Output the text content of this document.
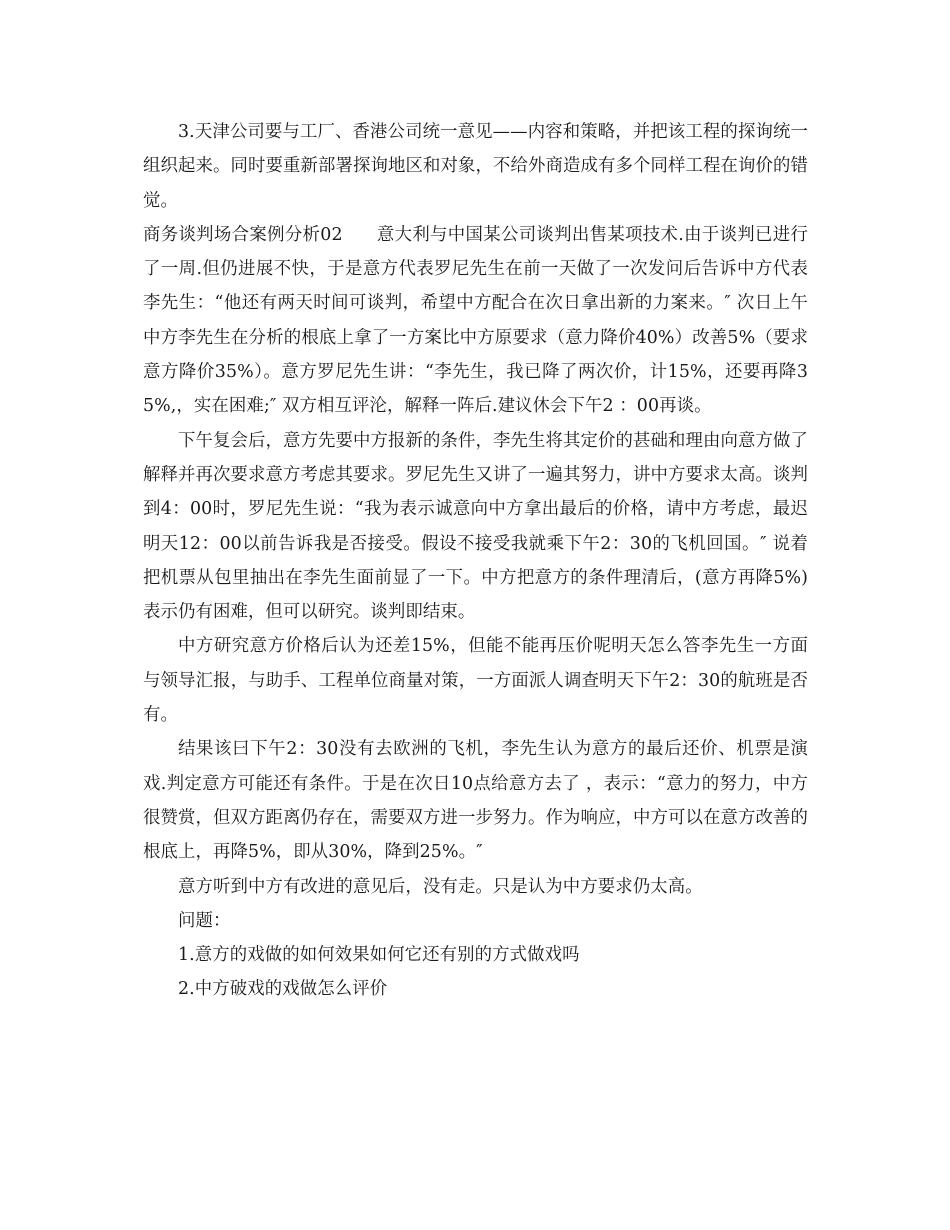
3.天津公司要与工厂、香港公司统一意见——内容和策略，并把该工程的探询统一组织起来。同时要重新部署探询地区和对象，不给外商造成有多个同样工程在询价的错觉。

商务谈判场合案例分析02 意大利与中国某公司谈判出售某项技术.由于谈判已进行了一周.但仍进展不快，于是意方代表罗尼先生在前一天做了一次发问后告诉中方代表李先生：“他还有两天时间可谈判，希望中方配合在次日拿出新的力案来。″ 次日上午中方李先生在分析的根底上拿了一方案比中方原要求（意力降价40%）改善5%（要求意方降价35%）。意方罗尼先生讲：“李先生，我已降了两次价，计15%，还要再降35%,，实在困难;″ 双方相互评沦，解释一阵后.建议休会下午2 ：00再谈。

下午复会后，意方先要中方报新的条件，李先生将其定价的甚础和理由向意方做了解释并再次要求意方考虑其要求。罗尼先生又讲了一遍其努力，讲中方要求太高。谈判到4：00时，罗尼先生说：“我为表示诚意向中方拿出最后的价格，请中方考虑，最迟明天12：00以前告诉我是否接受。假设不接受我就乘下午2：30的飞机回国。″ 说着把机票从包里抽出在李先生面前显了一下。中方把意方的条件理清后，(意方再降5%)表示仍有困难，但可以研究。谈判即结束。

中方研究意方价格后认为还差15%，但能不能再压价呢明天怎么答李先生一方面与领导汇报，与助手、工程单位商量对策，一方面派人调查明天下午2：30的航班是否有。

结果该曰下午2：30没有去欧洲的飞机，李先生认为意方的最后还价、机票是演戏.判定意方可能还有条件。于是在次日10点给意方去了 ，表示：“意力的努力，中方很赞赏，但双方距离仍存在，需要双方进一步努力。作为响应，中方可以在意方改善的根底上，再降5%，即从30%，降到25%。″

意方听到中方有改进的意见后，没有走。只是认为中方要求仍太高。

问题：

1.意方的戏做的如何效果如何它还有别的方式做戏吗

2.中方破戏的戏做怎么评价
